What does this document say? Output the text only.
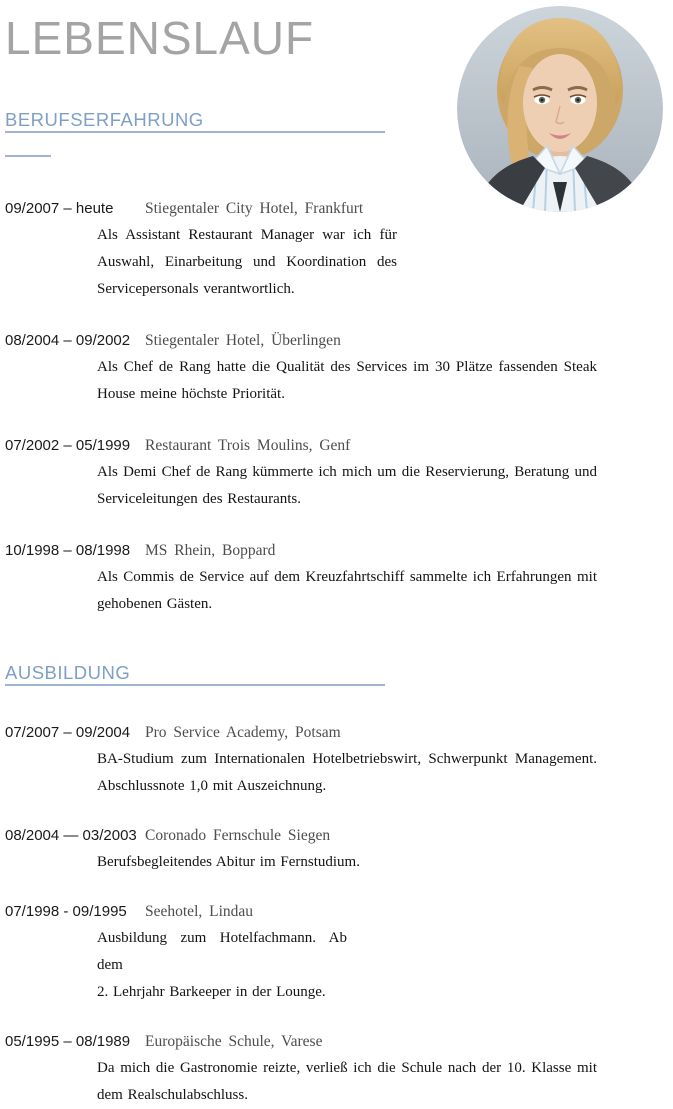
LEBENSLAUF
BERUFSERFAHRUNG
09/2007 – heute Stiegentaler City Hotel, Frankfurt
Als Assistant Restaurant Manager war ich für
Auswahl, Einarbeitung und Koordination des
Servicepersonals verantwortlich.
08/2004 – 09/2002 Stiegentaler Hotel, Überlingen
Als Chef de Rang hatte die Qualität des Services im 30 Plätze fassenden Steak
House meine höchste Priorität.
07/2002 – 05/1999 Restaurant Trois Moulins, Genf
Als Demi Chef de Rang kümmerte ich mich um die Reservierung, Beratung und
Serviceleitungen des Restaurants.
10/1998 – 08/1998 MS Rhein, Boppard
Als Commis de Service auf dem Kreuzfahrtschiff sammelte ich Erfahrungen mit
gehobenen Gästen.
AUSBILDUNG
07/2007 – 09/2004 Pro Service Academy, Potsam
BA-Studium zum Internationalen Hotelbetriebswirt, Schwerpunkt Management.
Abschlussnote 1,0 mit Auszeichnung.
08/2004 — 03/2003 Coronado Fernschule Siegen
Berufsbegleitendes Abitur im Fernstudium.
07/1998 - 09/1995 Seehotel, Lindau
Ausbildung zum Hotelfachmann. Ab dem
2. Lehrjahr Barkeeper in der Lounge.
05/1995 – 08/1989 Europäische Schule, Varese
Da mich die Gastronomie reizte, verließ ich die Schule nach der 10. Klasse mit
dem Realschulabschluss.
